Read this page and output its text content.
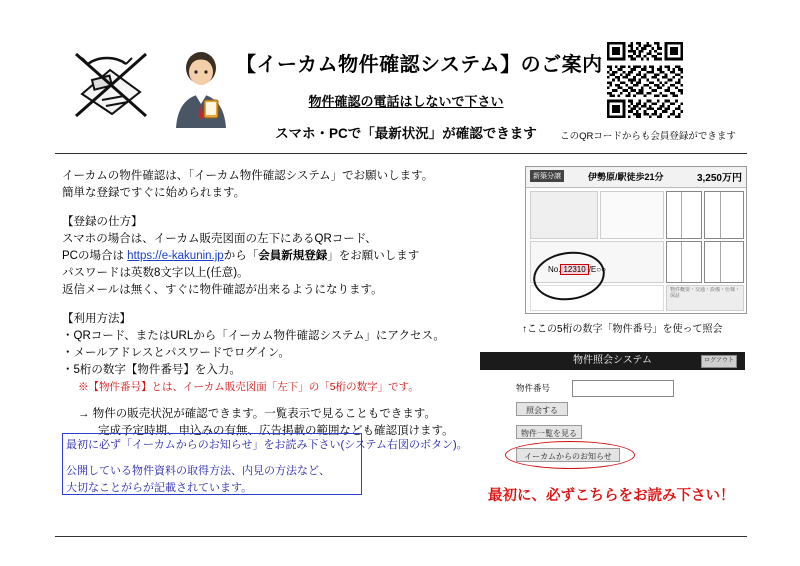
【イーカム物件確認システム】のご案内
物件確認の電話はしないで下さい
スマホ・PCで「最新状況」が確認できます	このQRコードからも会員登録ができます
イーカムの物件確認は、「イーカム物件確認システム」でお願いします。
簡単な登録ですぐに始められます。
【登録の仕方】
スマホの場合は、イーカム販売図面の左下にあるQRコード、
PCの場合は https://e-kakunin.jpから「会員新規登録」をお願いします
パスワードは英数8文字以上(任意)。
返信メールは無く、すぐに物件確認が出来るようになります。
【利用方法】
・QRコード、またはURLから「イーカム物件確認システム」にアクセス。
・メールアドレスとパスワードでログイン。
・5桁の数字【物件番号】を入力。
※【物件番号】とは、イーカム販売図面「左下」の「5桁の数字」です。
→ 物件の販売状況が確認できます。一覧表示で見ることもできます。
完成予定時期、申込みの有無、広告掲載の範囲なども確認頂けます。
最初に必ず「イーカムからのお知らせ」をお読み下さい(システム右図のボタン)。
公開している物件資料の取得方法、内見の方法など、
大切なことがらが記載されています。
新築分譲	伊勢原/駅徒歩21分	3,250万円
物件概要・交通・設備・仕様・保証
No. 12310 /E○○
↑ここの5桁の数字「物件番号」を使って照会
物件照会システム	ログアウト
物件番号
照会する
物件一覧を見る
イーカムからのお知らせ
最初に、必ずこちらをお読み下さい！
